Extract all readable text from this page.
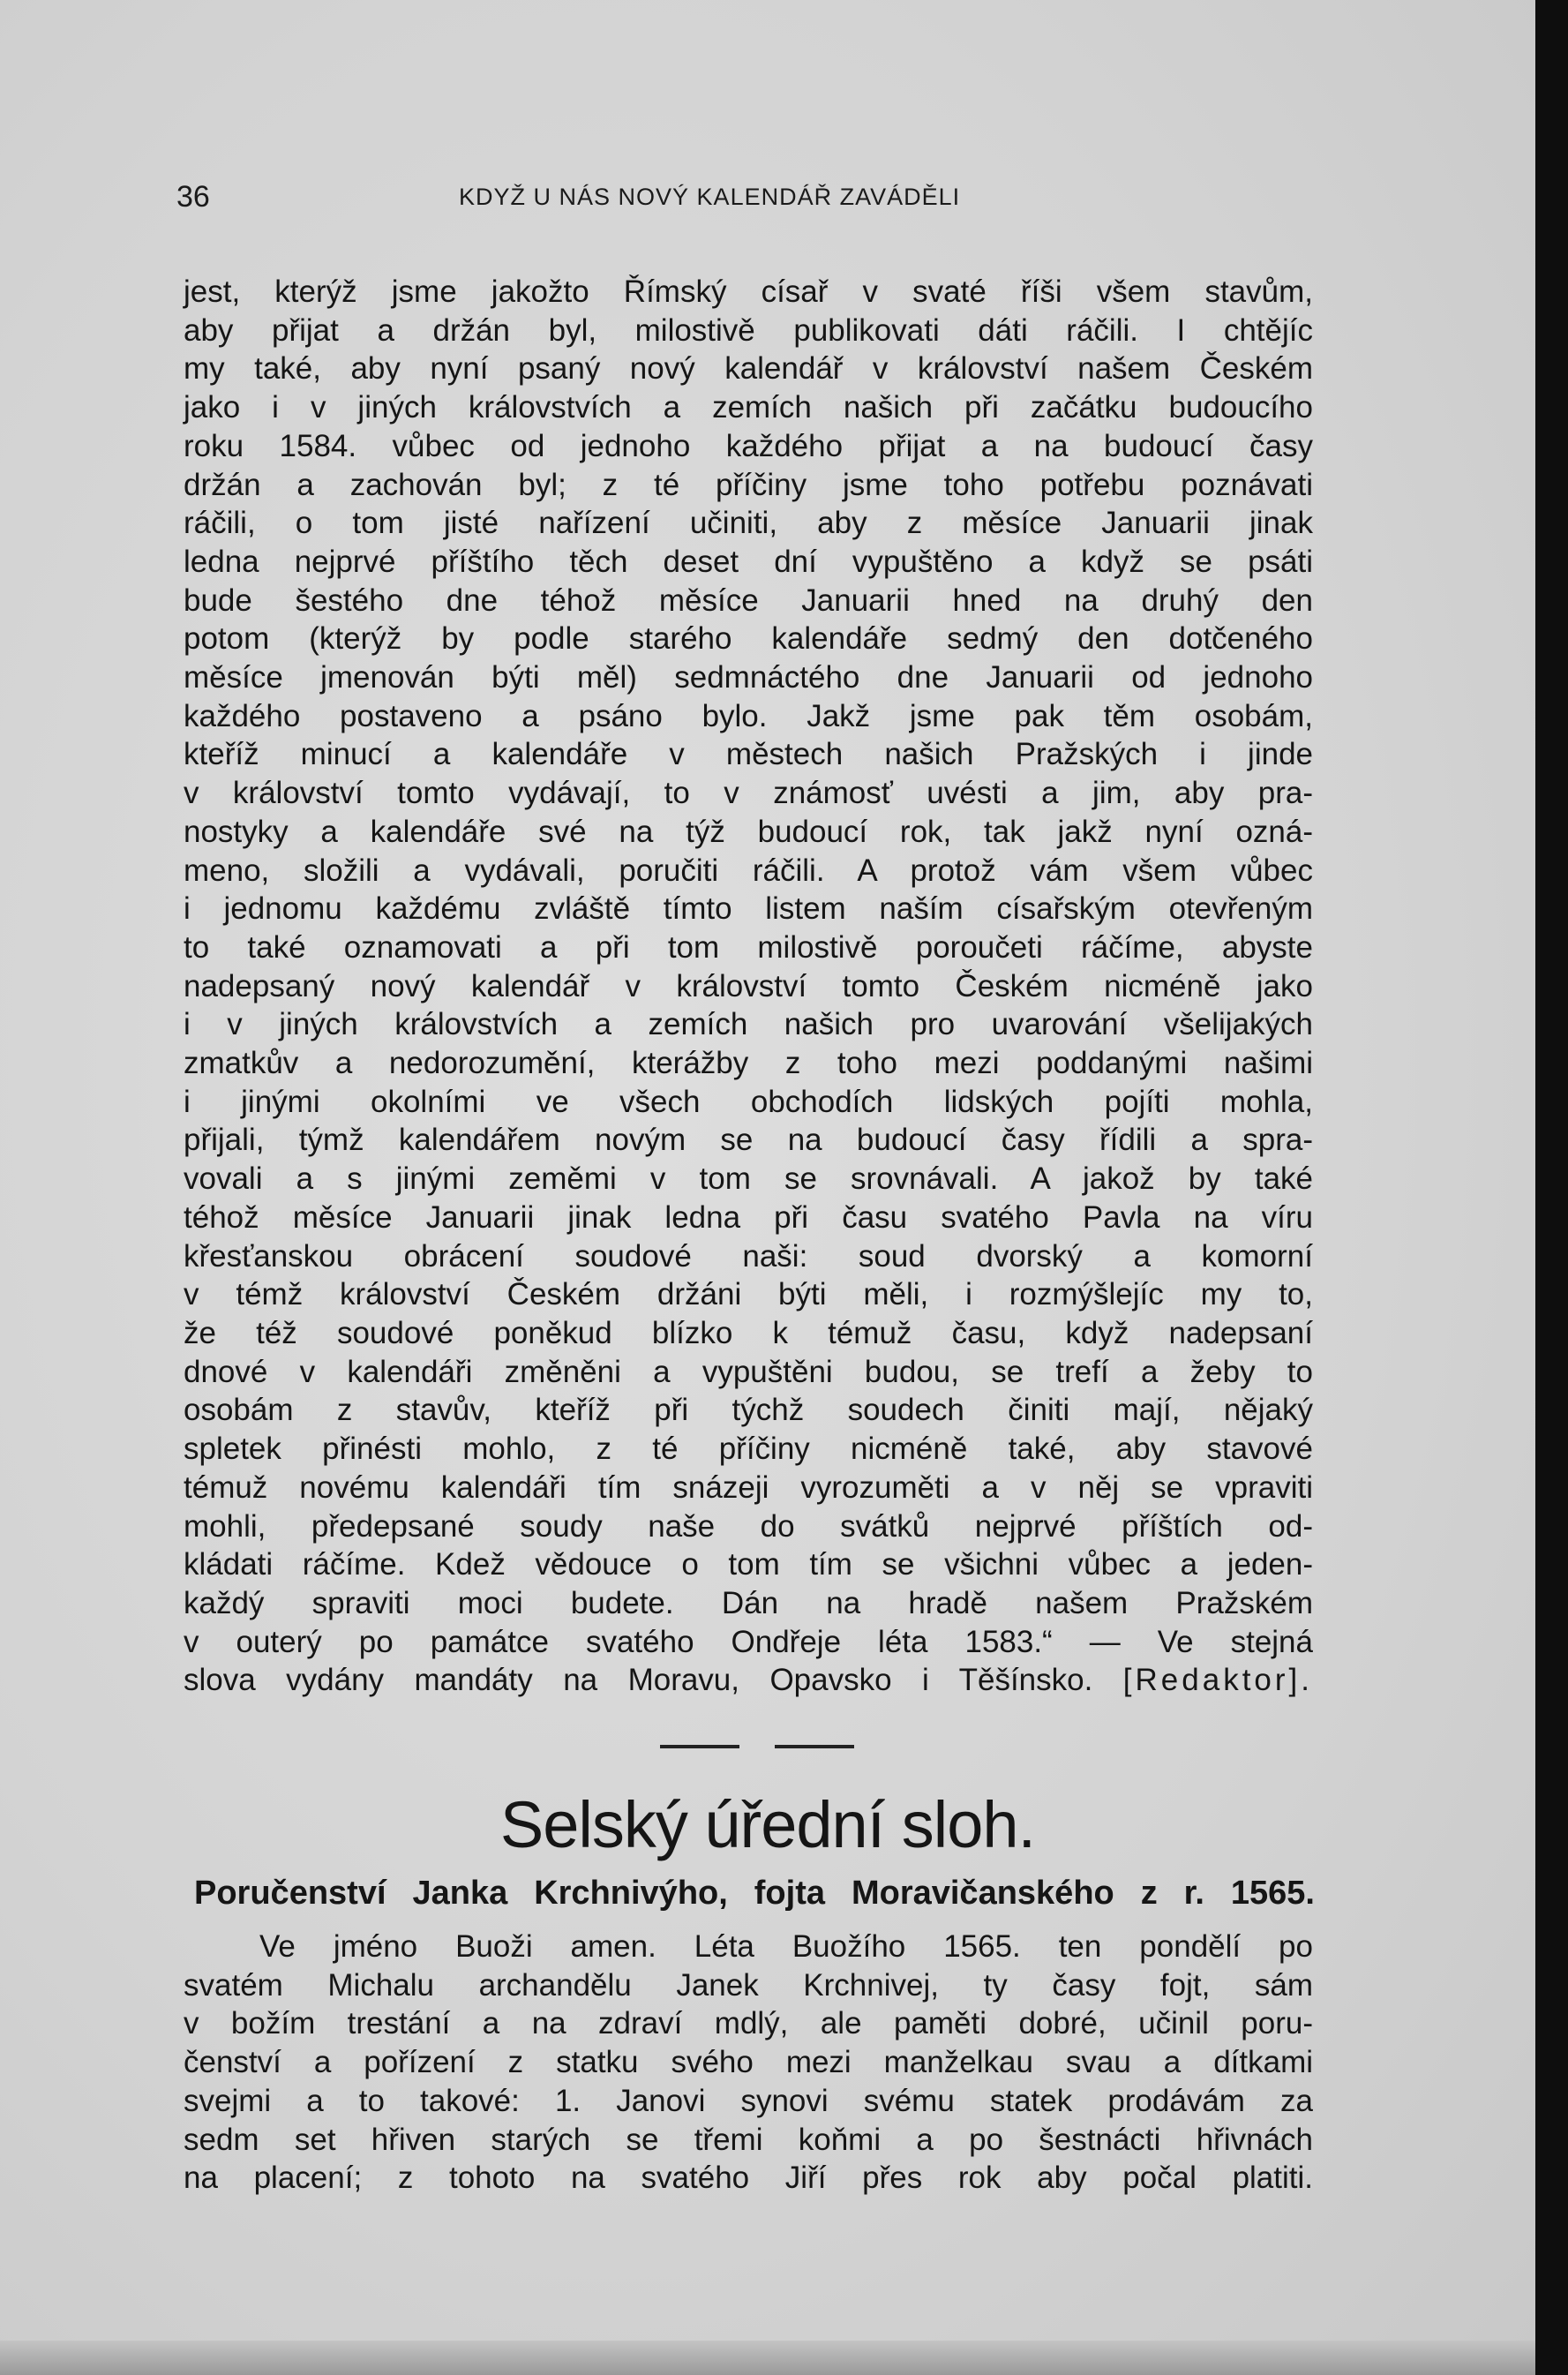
36	KDYŽ U NÁS NOVÝ KALENDÁŘ ZAVÁDĚLI
jest, kterýž jsme jakožto Římský císař v svaté říši všem stavům,
aby přijat a držán byl, milostivě publikovati dáti ráčili. I chtějíc
my také, aby nyní psaný nový kalendář v království našem Českém
jako i v jiných královstvích a zemích našich při začátku budoucího
roku 1584. vůbec od jednoho každého přijat a na budoucí časy
držán a zachován byl; z té příčiny jsme toho potřebu poznávati
ráčili, o tom jisté nařízení učiniti, aby z měsíce Januarii jinak
ledna nejprvé příštího těch deset dní vypuštěno a když se psáti
bude šestého dne téhož měsíce Januarii hned na druhý den
potom (kterýž by podle starého kalendáře sedmý den dotčeného
měsíce jmenován býti měl) sedmnáctého dne Januarii od jednoho
každého postaveno a psáno bylo. Jakž jsme pak těm osobám,
kteříž minucí a kalendáře v městech našich Pražských i jinde
v království tomto vydávají, to v známosť uvésti a jim, aby pra-
nostyky a kalendáře své na týž budoucí rok, tak jakž nyní ozná-
meno, složili a vydávali, poručiti ráčili. A protož vám všem vůbec
i jednomu každému zvláště tímto listem naším císařským otevřeným
to také oznamovati a při tom milostivě poroučeti ráčíme, abyste
nadepsaný nový kalendář v království tomto Českém nicméně jako
i v jiných královstvích a zemích našich pro uvarování všelijakých
zmatkův a nedorozumění, kterážby z toho mezi poddanými našimi
i jinými okolními ve všech obchodích lidských pojíti mohla,
přijali, týmž kalendářem novým se na budoucí časy řídili a spra-
vovali a s jinými zeměmi v tom se srovnávali. A jakož by také
téhož měsíce Januarii jinak ledna při času svatého Pavla na víru
křesťanskou obrácení soudové naši: soud dvorský a komorní
v témž království Českém držáni býti měli, i rozmýšlejíc my to,
že též soudové poněkud blízko k témuž času, když nadepsaní
dnové v kalendáři změněni a vypuštěni budou, se trefí a žeby to
osobám z stavův, kteříž při týchž soudech činiti mají, nějaký
spletek přinésti mohlo, z té příčiny nicméně také, aby stavové
témuž novému kalendáři tím snázeji vyrozuměti a v něj se vpraviti
mohli, předepsané soudy naše do svátků nejprvé příštích od-
kládati ráčíme. Kdež vědouce o tom tím se všichni vůbec a jeden-
každý spraviti moci budete. Dán na hradě našem Pražském
v outerý po památce svatého Ondřeje léta 1583.“ — Ve stejná
slova vydány mandáty na Moravu, Opavsko i Těšínsko. [Redaktor].
Selský úřední sloh.
Poručenství Janka Krchnivýho, fojta Moravičanského z r. 1565.
Ve jméno Buoži amen. Léta Buožího 1565. ten pondělí po
svatém Michalu archandělu Janek Krchnivej, ty časy fojt, sám
v božím trestání a na zdraví mdlý, ale paměti dobré, učinil poru-
čenství a pořízení z statku svého mezi manželkau svau a dítkami
svejmi a to takové: 1. Janovi synovi svému statek prodávám za
sedm set hřiven starých se třemi koňmi a po šestnácti hřivnách
na placení; z tohoto na svatého Jiří přes rok aby počal platiti.
